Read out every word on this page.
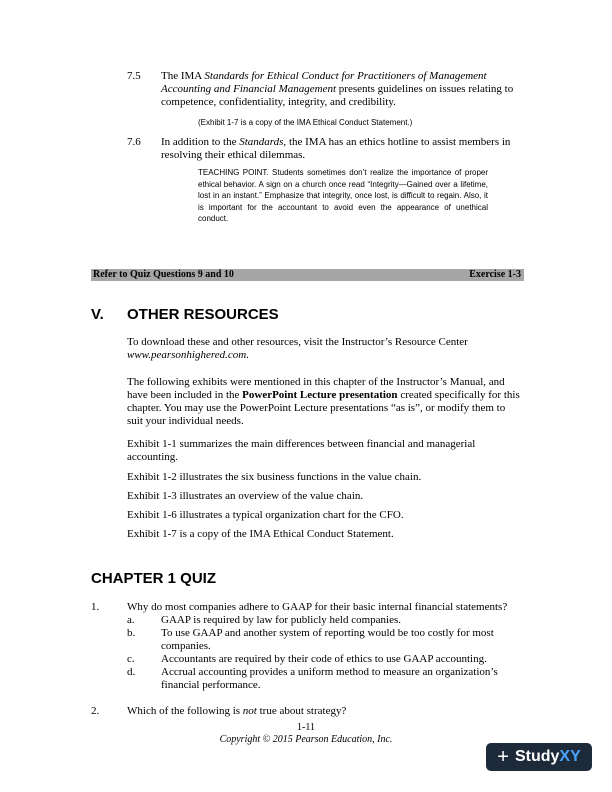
7.5	The IMA Standards for Ethical Conduct for Practitioners of Management Accounting and Financial Management presents guidelines on issues relating to competence, confidentiality, integrity, and credibility.
(Exhibit 1-7 is a copy of the IMA Ethical Conduct Statement.)
7.6	In addition to the Standards, the IMA has an ethics hotline to assist members in resolving their ethical dilemmas.
TEACHING POINT. Students sometimes don’t realize the importance of proper ethical behavior. A sign on a church once read “Integrity—Gained over a lifetime, lost in an instant.” Emphasize that integrity, once lost, is difficult to regain. Also, it is important for the accountant to avoid even the appearance of unethical conduct.
Refer to Quiz Questions 9 and 10	Exercise 1-3
V. OTHER RESOURCES
To download these and other resources, visit the Instructor’s Resource Center
www.pearsonhighered.com.
The following exhibits were mentioned in this chapter of the Instructor’s Manual, and have been included in the PowerPoint Lecture presentation created specifically for this chapter. You may use the PowerPoint Lecture presentations “as is”, or modify them to suit your individual needs.
Exhibit 1-1 summarizes the main differences between financial and managerial accounting.
Exhibit 1-2 illustrates the six business functions in the value chain.
Exhibit 1-3 illustrates an overview of the value chain.
Exhibit 1-6 illustrates a typical organization chart for the CFO.
Exhibit 1-7 is a copy of the IMA Ethical Conduct Statement.
CHAPTER 1 QUIZ
1.	Why do most companies adhere to GAAP for their basic internal financial statements?
a.	GAAP is required by law for publicly held companies.
b.	To use GAAP and another system of reporting would be too costly for most companies.
c.	Accountants are required by their code of ethics to use GAAP accounting.
d.	Accrual accounting provides a uniform method to measure an organization’s financial performance.
2.	Which of the following is not true about strategy?
1-11
Copyright © 2015 Pearson Education, Inc.
+ StudyXY
